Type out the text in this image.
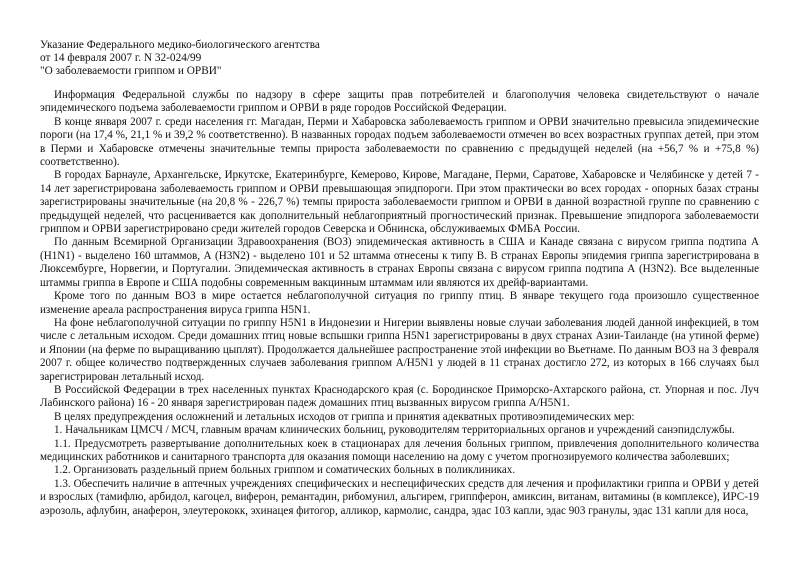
Указание Федерального медико-биологического агентства
от 14 февраля 2007 г. N 32-024/99
"О заболеваемости гриппом и ОРВИ"

Информация Федеральной службы по надзору в сфере защиты прав потребителей и благополучия человека свидетельствуют о начале эпидемического подъема заболеваемости гриппом и ОРВИ в ряде городов Российской Федерации.

В конце января 2007 г. среди населения гг. Магадан, Перми и Хабаровска заболеваемость гриппом и ОРВИ значительно превысила эпидемические пороги (на 17,4 %, 21,1 % и 39,2 % соответственно). В названных городах подъем заболеваемости отмечен во всех возрастных группах детей, при этом в Перми и Хабаровске отмечены значительные темпы прироста заболеваемости по сравнению с предыдущей неделей (на +56,7 % и +75,8 %) соответственно).

В городах Барнауле, Архангельске, Иркутске, Екатеринбурге, Кемерово, Кирове, Магадане, Перми, Саратове, Хабаровске и Челябинске у детей 7 - 14 лет зарегистрирована заболеваемость гриппом и ОРВИ превышающая эпидпороги. При этом практически во всех городах - опорных базах страны зарегистрированы значительные (на 20,8 % - 226,7 %) темпы прироста заболеваемости гриппом и ОРВИ в данной возрастной группе по сравнению с предыдущей неделей, что расценивается как дополнительный неблагоприятный прогностический признак. Превышение эпидпорога заболеваемости гриппом и ОРВИ зарегистрировано среди жителей городов Северска и Обнинска, обслуживаемых ФМБА России.

По данным Всемирной Организации Здравоохранения (ВОЗ) эпидемическая активность в США и Канаде связана с вирусом гриппа подтипа А (H1N1) - выделено 160 штаммов, А (H3N2) - выделено 101 и 52 штамма отнесены к типу В. В странах Европы эпидемия гриппа зарегистрирована в Люксембурге, Норвегии, и Португалии. Эпидемическая активность в странах Европы связана с вирусом гриппа подтипа А (H3N2). Все выделенные штаммы гриппа в Европе и США подобны современным вакцинным штаммам или являются их дрейф-вариантами.

Кроме того по данным ВОЗ в мире остается неблагополучной ситуация по гриппу птиц. В январе текущего года произошло существенное изменение ареала распространения вируса гриппа H5N1.

На фоне неблагополучной ситуации по гриппу H5N1 в Индонезии и Нигерии выявлены новые случаи заболевания людей данной инфекцией, в том числе с летальным исходом. Среди домашних птиц новые вспышки гриппа H5N1 зарегистрированы в двух странах Азии-Таиланде (на утиной ферме) и Японии (на ферме по выращиванию цыплят). Продолжается дальнейшее распространение этой инфекции во Вьетнаме. По данным ВОЗ на 3 февраля 2007 г. общее количество подтвержденных случаев заболевания гриппом A/H5N1 у людей в 11 странах достигло 272, из которых в 166 случаях был зарегистрирован летальный исход.

В Российской Федерации в трех населенных пунктах Краснодарского края (с. Бородинское Приморско-Ахтарского района, ст. Упорная и пос. Луч Лабинского района) 16 - 20 января зарегистрирован падеж домашних птиц вызванных вирусом гриппа A/H5N1.

В целях предупреждения осложнений и летальных исходов от гриппа и принятия адекватных противоэпидемических мер:

1. Начальникам ЦМСЧ / МСЧ, главным врачам клинических больниц, руководителям территориальных органов и учреждений санэпидслужбы.

1.1. Предусмотреть развертывание дополнительных коек в стационарах для лечения больных гриппом, привлечения дополнительного количества медицинских работников и санитарного транспорта для оказания помощи населению на дому с учетом прогнозируемого количества заболевших;

1.2. Организовать раздельный прием больных гриппом и соматических больных в поликлиниках.

1.3. Обеспечить наличие в аптечных учреждениях специфических и неспецифических средств для лечения и профилактики гриппа и ОРВИ у детей и взрослых (тамифлю, арбидол, кагоцел, виферон, ремантадин, рибомунил, альгирем, гриппферон, амиксин, витанам, витамины (в комплексе), ИРС-19 аэрозоль, афлубин, анаферон, элеутерококк, эхинацея фитогор, алликор, кармолис, сандра, эдас 103 капли, эдас 903 гранулы, эдас 131 капли для носа,
